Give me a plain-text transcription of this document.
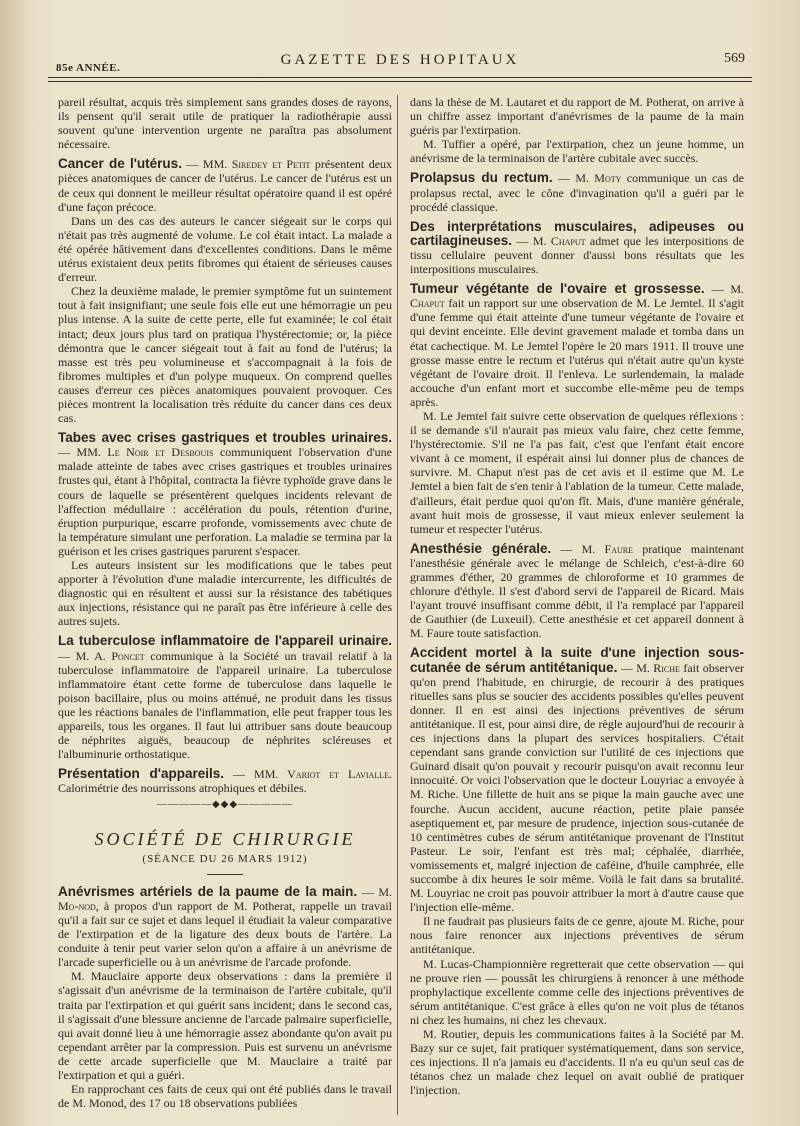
85e ANNÉE.	GAZETTE DES HOPITAUX	569

pareil résultat, acquis très simplement sans grandes doses de rayons, ils pensent qu'il serait utile de pratiquer la radiothérapie aussi souvent qu'une intervention urgente ne paraîtra pas absolument nécessaire.

Cancer de l'utérus. — MM. Siredey et Petit présentent deux pièces anatomiques de cancer de l'utérus. Le cancer de l'utérus est un de ceux qui donnent le meilleur résultat opératoire quand il est opéré d'une façon précoce.

Dans un des cas des auteurs le cancer siégeait sur le corps qui n'était pas très augmenté de volume. Le col était intact. La malade a été opérée hâtivement dans d'excellentes conditions. Dans le même utérus existaient deux petits fibromes qui étaient de sérieuses causes d'erreur.

Chez la deuxième malade, le premier symptôme fut un suintement tout à fait insignifiant; une seule fois elle eut une hémorragie un peu plus intense. A la suite de cette perte, elle fut examinée; le col était intact; deux jours plus tard on pratiqua l'hystérectomie; or, la pièce démontra que le cancer siégeait tout à fait au fond de l'utérus; la masse est très peu volumineuse et s'accompagnait à la fois de fibromes multiples et d'un polype muqueux. On comprend quelles causes d'erreur ces pièces anatomiques pouvaient provoquer. Ces pièces montrent la localisation très réduite du cancer dans ces deux cas.

Tabes avec crises gastriques et troubles urinaires. — MM. Le Noir et Desbouis communiquent l'observation d'une malade atteinte de tabes avec crises gastriques et troubles urinaires frustes qui, étant à l'hôpital, contracta la fièvre typhoïde grave dans le cours de laquelle se présentèrent quelques incidents relevant de l'affection médullaire : accélération du pouls, rétention d'urine, éruption purpurique, escarre profonde, vomissements avec chute de la température simulant une perforation. La maladie se termina par la guérison et les crises gastriques parurent s'espacer.

Les auteurs insistent sur les modifications que le tabes peut apporter à l'évolution d'une maladie intercurrente, les difficultés de diagnostic qui en résultent et aussi sur la résistance des tabétiques aux injections, résistance qui ne paraît pas être inférieure à celle des autres sujets.

La tuberculose inflammatoire de l'appareil urinaire. — M. A. Poncet communique à la Société un travail relatif à la tuberculose inflammatoire de l'appareil urinaire. La tuberculose inflammatoire étant cette forme de tuberculose dans laquelle le poison bacillaire, plus ou moins atténué, ne produit dans les tissus que les réactions banales de l'inflammation, elle peut frapper tous les appareils, tous les organes. Il faut lui attribuer sans doute beaucoup de néphrites aiguës, beaucoup de néphrites scléreuses et l'albuminurie orthostatique.

Présentation d'appareils. — MM. Variot et Lavialle. Calorimétrie des nourrissons atrophiques et débiles.

—————◆◆◆—————
SOCIÉTÉ DE CHIRURGIE
(SÉANCE DU 26 MARS 1912)

Anévrismes artériels de la paume de la main. — M. Mo-nod, à propos d'un rapport de M. Potherat, rappelle un travail qu'il a fait sur ce sujet et dans lequel il étudiait la valeur comparative de l'extirpation et de la ligature des deux bouts de l'artère. La conduite à tenir peut varier selon qu'on a affaire à un anévrisme de l'arcade superficielle ou à un anévrisme de l'arcade profonde.

M. Mauclaire apporte deux observations : dans la première il s'agissait d'un anévrisme de la terminaison de l'artère cubitale, qu'il traita par l'extirpation et qui guérit sans incident; dans le second cas, il s'agissait d'une blessure ancienne de l'arcade palmaire superficielle, qui avait donné lieu à une hémorragie assez abondante qu'on avait pu cependant arrêter par la compression. Puis est survenu un anévrisme de cette arcade superficielle que M. Mauclaire a traité par l'extirpation et qui a guéri.

En rapprochant ces faits de ceux qui ont été publiés dans le travail de M. Monod, des 17 ou 18 observations publiées

dans la thèse de M. Lautaret et du rapport de M. Potherat, on arrive à un chiffre assez important d'anévrismes de la paume de la main guéris par l'extirpation.

M. Tuffier a opéré, par l'extirpation, chez un jeune homme, un anévrisme de la terminaison de l'artère cubitale avec succès.

Prolapsus du rectum. — M. Moty communique un cas de prolapsus rectal, avec le cône d'invagination qu'il a guéri par le procédé classique.

Des interprétations musculaires, adipeuses ou cartilagineuses. — M. Chaput admet que les interpositions de tissu cellulaire peuvent donner d'aussi bons résultats que les interpositions musculaires.

Tumeur végétante de l'ovaire et grossesse. — M. Chaput fait un rapport sur une observation de M. Le Jemtel. Il s'agit d'une femme qui était atteinte d'une tumeur végétante de l'ovaire et qui devint enceinte. Elle devint gravement malade et tomba dans un état cachectique. M. Le Jemtel l'opère le 20 mars 1911. Il trouve une grosse masse entre le rectum et l'utérus qui n'était autre qu'un kyste végétant de l'ovaire droit. Il l'enleva. Le surlendemain, la malade accouche d'un enfant mort et succombe elle-même peu de temps après.

M. Le Jemtel fait suivre cette observation de quelques réflexions : il se demande s'il n'aurait pas mieux valu faire, chez cette femme, l'hystérectomie. S'il ne l'a pas fait, c'est que l'enfant était encore vivant à ce moment, il espérait ainsi lui donner plus de chances de survivre. M. Chaput n'est pas de cet avis et il estime que M. Le Jemtel a bien fait de s'en tenir à l'ablation de la tumeur. Cette malade, d'ailleurs, était perdue quoi qu'on fît. Mais, d'une manière générale, avant huit mois de grossesse, il vaut mieux enlever seulement la tumeur et respecter l'utérus.

Anesthésie générale. — M. Faure pratique maintenant l'anesthésie générale avec le mélange de Schleich, c'est-à-dire 60 grammes d'éther, 20 grammes de chloroforme et 10 grammes de chlorure d'éthyle. Il s'est d'abord servi de l'appareil de Ricard. Mais l'ayant trouvé insuffisant comme débit, il l'a remplacé par l'appareil de Gauthier (de Luxeuil). Cette anesthésie et cet appareil donnent à M. Faure toute satisfaction.

Accident mortel à la suite d'une injection sous-cutanée de sérum antitétanique. — M. Riche fait observer qu'on prend l'habitude, en chirurgie, de recourir à des pratiques rituelles sans plus se soucier des accidents possibles qu'elles peuvent donner. Il en est ainsi des injections préventives de sérum antitétanique. Il est, pour ainsi dire, de règle aujourd'hui de recourir à ces injections dans la plupart des services hospitaliers. C'était cependant sans grande conviction sur l'utilité de ces injections que Guinard disait qu'on pouvait y recourir puisqu'on avait reconnu leur innocuité. Or voici l'observation que le docteur Louyriac a envoyée à M. Riche. Une fillette de huit ans se pique la main gauche avec une fourche. Aucun accident, aucune réaction, petite plaie pansée aseptiquement et, par mesure de prudence, injection sous-cutanée de 10 centimètres cubes de sérum antitétanique provenant de l'Institut Pasteur. Le soir, l'enfant est très mal; céphalée, diarrhée, vomissements et, malgré injection de caféine, d'huile camphrée, elle succombe à dix heures le soir même. Voilà le fait dans sa brutalité. M. Louyriac ne croit pas pouvoir attribuer la mort à d'autre cause que l'injection elle-même.

Il ne faudrait pas plusieurs faits de ce genre, ajoute M. Riche, pour nous faire renoncer aux injections préventives de sérum antitétanique.

M. Lucas-Championnière regretterait que cette observation — qui ne prouve rien — poussât les chirurgiens à renoncer à une méthode prophylactique excellente comme celle des injections préventives de sérum antitétanique. C'est grâce à elles qu'on ne voit plus de tétanos ni chez les humains, ni chez les chevaux.

M. Routier, depuis les communications faites à la Société par M. Bazy sur ce sujet, fait pratiquer systématiquement, dans son service, ces injections. Il n'a jamais eu d'accidents. Il n'a eu qu'un seul cas de tétanos chez un malade chez lequel on avait oublié de pratiquer l'injection.
